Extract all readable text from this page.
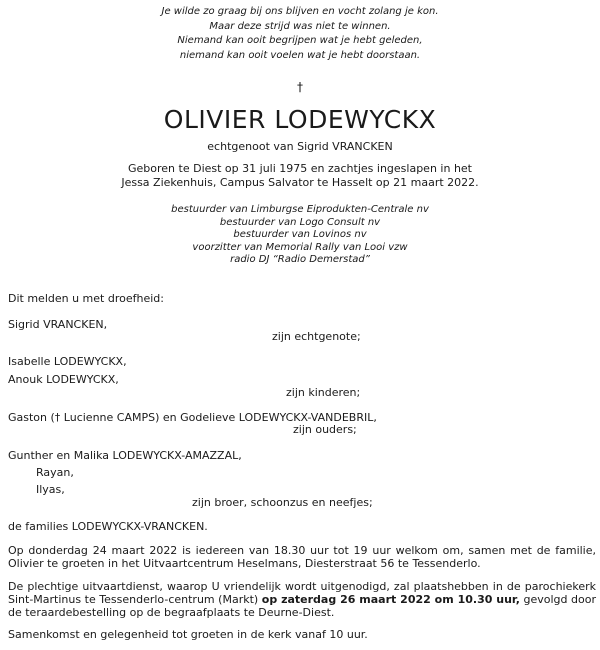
Je wilde zo graag bij ons blijven en vocht zolang je kon.
Maar deze strijd was niet te winnen.
Niemand kan ooit begrijpen wat je hebt geleden,
niemand kan ooit voelen wat je hebt doorstaan.
†
OLIVIER LODEWYCKX
echtgenoot van Sigrid VRANCKEN
Geboren te Diest op 31 juli 1975 en zachtjes ingeslapen in het
Jessa Ziekenhuis, Campus Salvator te Hasselt op 21 maart 2022.
bestuurder van Limburgse Eiprodukten-Centrale nv
bestuurder van Logo Consult nv
bestuurder van Lovinos nv
voorzitter van Memorial Rally van Looi vzw
radio DJ “Radio Demerstad”
Dit melden u met droefheid:
Sigrid VRANCKEN,
zijn echtgenote;
Isabelle LODEWYCKX,
Anouk LODEWYCKX,
zijn kinderen;
Gaston († Lucienne CAMPS) en Godelieve LODEWYCKX-VANDEBRIL,
zijn ouders;
Gunther en Malika LODEWYCKX-AMAZZAL,
Rayan,
Ilyas,
zijn broer, schoonzus en neefjes;
de families LODEWYCKX-VRANCKEN.
Op donderdag 24 maart 2022 is iedereen van 18.30 uur tot 19 uur welkom om, samen met de familie, Olivier te groeten in het Uitvaartcentrum Heselmans, Diesterstraat 56 te Tessenderlo.
De plechtige uitvaartdienst, waarop U vriendelijk wordt uitgenodigd, zal plaatshebben in de parochiekerk Sint-Martinus te Tessenderlo-centrum (Markt) op zaterdag 26 maart 2022 om 10.30 uur, gevolgd door de teraardebestelling op de begraafplaats te Deurne-Diest.
Samenkomst en gelegenheid tot groeten in de kerk vanaf 10 uur.
